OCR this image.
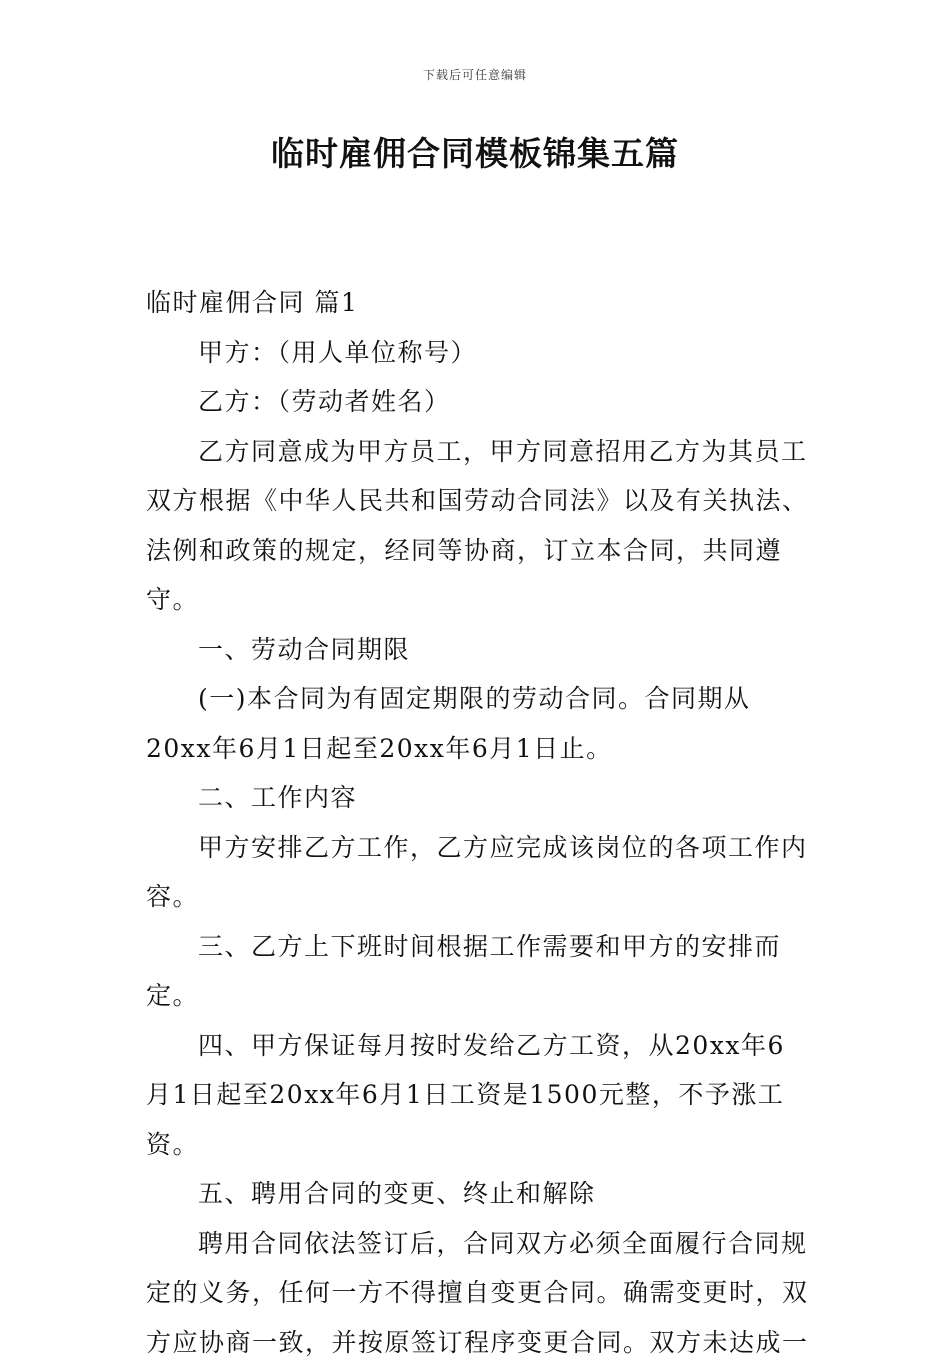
下载后可任意编辑
临时雇佣合同模板锦集五篇

临时雇佣合同 篇1

甲方：（用人单位称号）

乙方：（劳动者姓名）

乙方同意成为甲方员工，甲方同意招用乙方为其员工双方根据《中华人民共和国劳动合同法》以及有关执法、法例和政策的规定，经同等协商，订立本合同，共同遵守。

一、劳动合同期限

(一)本合同为有固定期限的劳动合同。合同期从20xx年6月1日起至20xx年6月1日止。

二、工作内容

甲方安排乙方工作，乙方应完成该岗位的各项工作内容。

三、乙方上下班时间根据工作需要和甲方的安排而定。

四、甲方保证每月按时发给乙方工资，从20xx年6月1日起至20xx年6月1日工资是1500元整，不予涨工资。

五、聘用合同的变更、终止和解除

聘用合同依法签订后，合同双方必须全面履行合同规定的义务，任何一方不得擅自变更合同。确需变更时，双方应协商一致，并按原签订程序变更合同。双方未达成一
